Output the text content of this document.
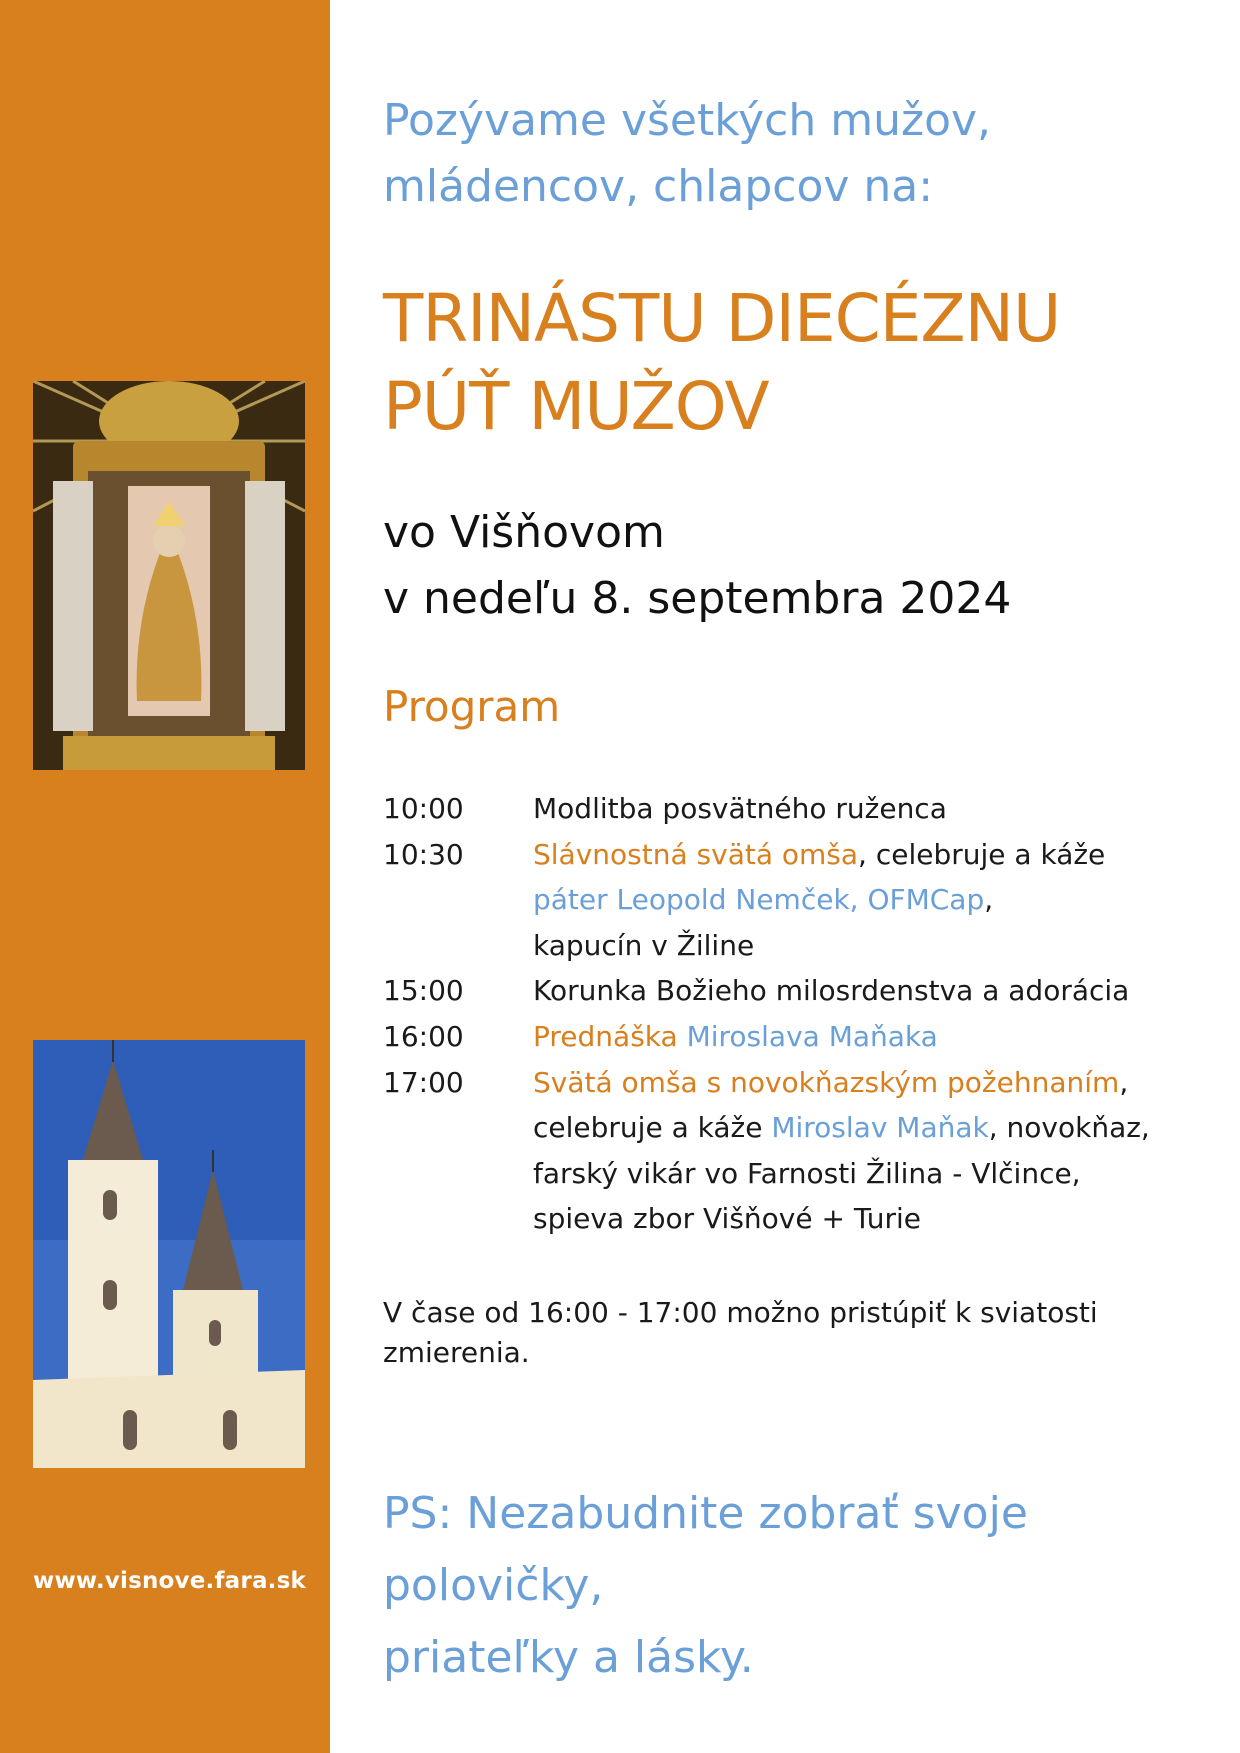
www.visnove.fara.sk
Pozývame všetkých mužov,
mládencov, chlapcov na:
TRINÁSTU DIECÉZNU
PÚŤ MUŽOV
vo Višňovom
v nedeľu 8. septembra 2024
Program
10:00	Modlitba posvätného ruženca
10:30	Slávnostná svätá omša, celebruje a káže
páter Leopold Nemček, OFMCap,
kapucín v Žiline
15:00	Korunka Božieho milosrdenstva a adorácia
16:00	Prednáška Miroslava Maňaka
17:00	Svätá omša s novokňazským požehnaním,
celebruje a káže Miroslav Maňak, novokňaz,
farský vikár vo Farnosti Žilina - Vlčince,
spieva zbor Višňové + Turie
V čase od 16:00 - 17:00 možno pristúpiť k sviatosti zmierenia.
PS: Nezabudnite zobrať svoje polovičky,
priateľky a lásky.
